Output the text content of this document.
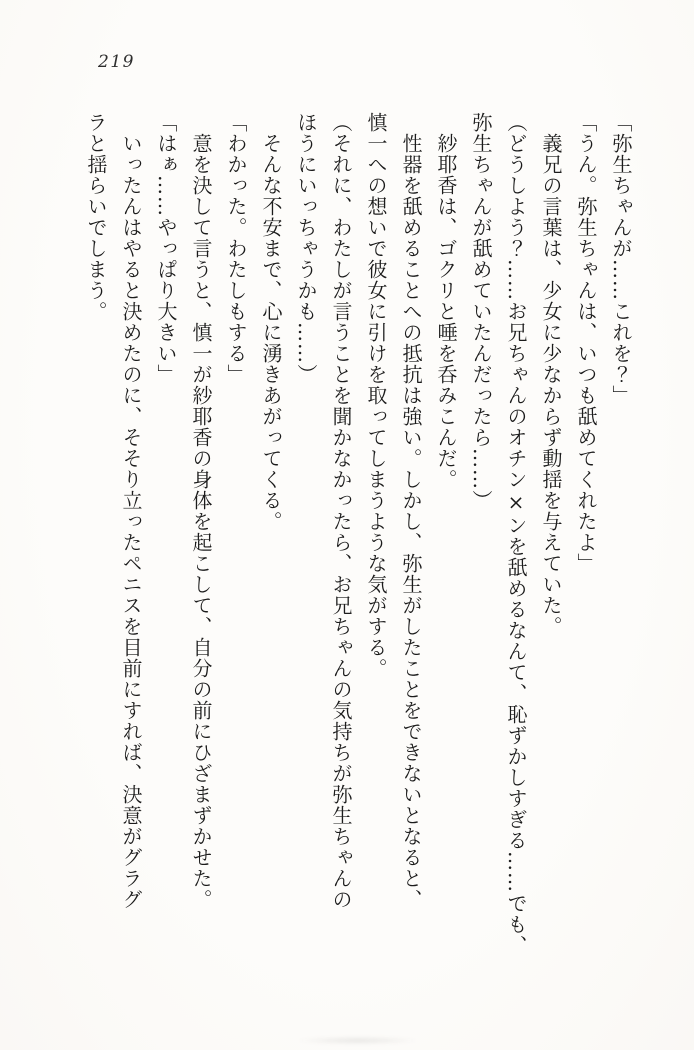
219

「弥生ちゃんが……これを？」

「うん。弥生ちゃんは、いつも舐めてくれたよ」

義兄の言葉は、少女に少なからず動揺を与えていた。

（どうしよう？……お兄ちゃんのオチン×ンを舐めるなんて、恥ずかしすぎる……でも、

弥生ちゃんが舐めていたんだったら……）

紗耶香は、ゴクリと唾を呑みこんだ。

性器を舐めることへの抵抗は強い。しかし、弥生がしたことをできないとなると、

慎一への想いで彼女に引けを取ってしまうような気がする。

（それに、わたしが言うことを聞かなかったら、お兄ちゃんの気持ちが弥生ちゃんの

ほうにいっちゃうかも……）

そんな不安まで、心に湧きあがってくる。

「わかった。わたしもする」

意を決して言うと、慎一が紗耶香の身体を起こして、自分の前にひざまずかせた。

「はぁ……やっぱり大きい」

いったんはやると決めたのに、そそり立ったペニスを目前にすれば、決意がグラグ

ラと揺らいでしまう。
